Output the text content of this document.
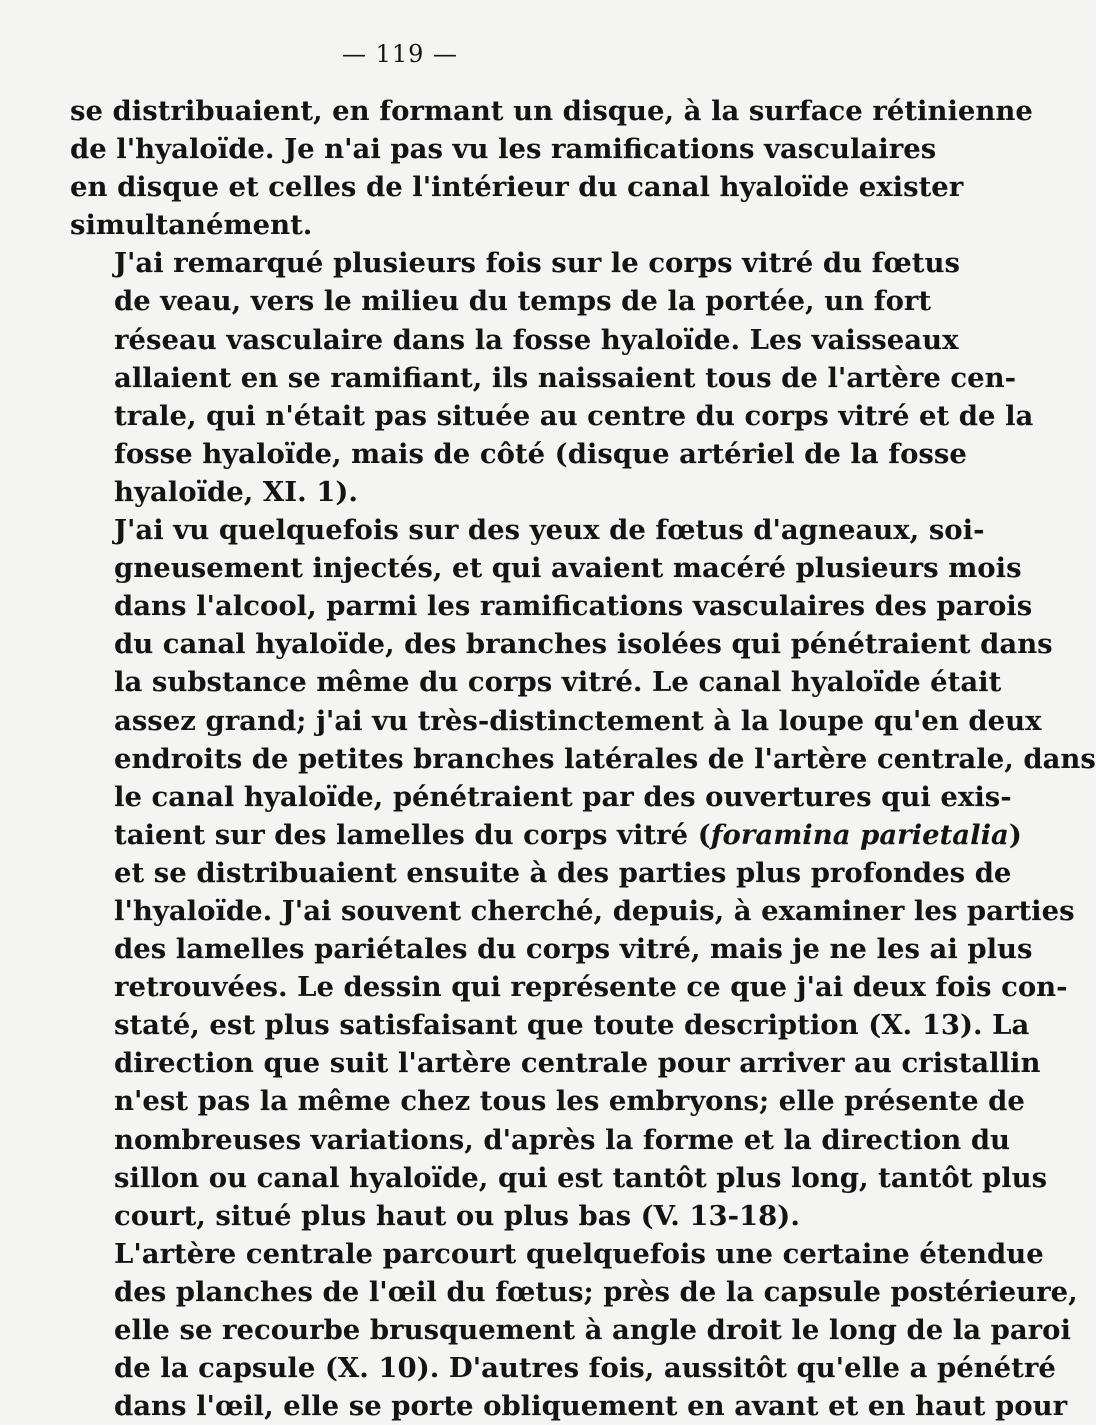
— 119 —
se distribuaient, en formant un disque, à la surface rétinienne
de l'hyaloïde. Je n'ai pas vu les ramifications vasculaires
en disque et celles de l'intérieur du canal hyaloïde exister
simultanément.
J'ai remarqué plusieurs fois sur le corps vitré du fœtus
de veau, vers le milieu du temps de la portée, un fort
réseau vasculaire dans la fosse hyaloïde. Les vaisseaux
allaient en se ramifiant, ils naissaient tous de l'artère cen-
trale, qui n'était pas située au centre du corps vitré et de la
fosse hyaloïde, mais de côté (disque artériel de la fosse
hyaloïde, XI. 1).
J'ai vu quelquefois sur des yeux de fœtus d'agneaux, soi-
gneusement injectés, et qui avaient macéré plusieurs mois
dans l'alcool, parmi les ramifications vasculaires des parois
du canal hyaloïde, des branches isolées qui pénétraient dans
la substance même du corps vitré. Le canal hyaloïde était
assez grand; j'ai vu très-distinctement à la loupe qu'en deux
endroits de petites branches latérales de l'artère centrale, dans
le canal hyaloïde, pénétraient par des ouvertures qui exis-
taient sur des lamelles du corps vitré (foramina parietalia)
et se distribuaient ensuite à des parties plus profondes de
l'hyaloïde. J'ai souvent cherché, depuis, à examiner les parties
des lamelles pariétales du corps vitré, mais je ne les ai plus
retrouvées. Le dessin qui représente ce que j'ai deux fois con-
staté, est plus satisfaisant que toute description (X. 13). La
direction que suit l'artère centrale pour arriver au cristallin
n'est pas la même chez tous les embryons; elle présente de
nombreuses variations, d'après la forme et la direction du
sillon ou canal hyaloïde, qui est tantôt plus long, tantôt plus
court, situé plus haut ou plus bas (V. 13-18).
L'artère centrale parcourt quelquefois une certaine étendue
des planches de l'œil du fœtus; près de la capsule postérieure,
elle se recourbe brusquement à angle droit le long de la paroi
de la capsule (X. 10). D'autres fois, aussitôt qu'elle a pénétré
dans l'œil, elle se porte obliquement en avant et en haut pour
